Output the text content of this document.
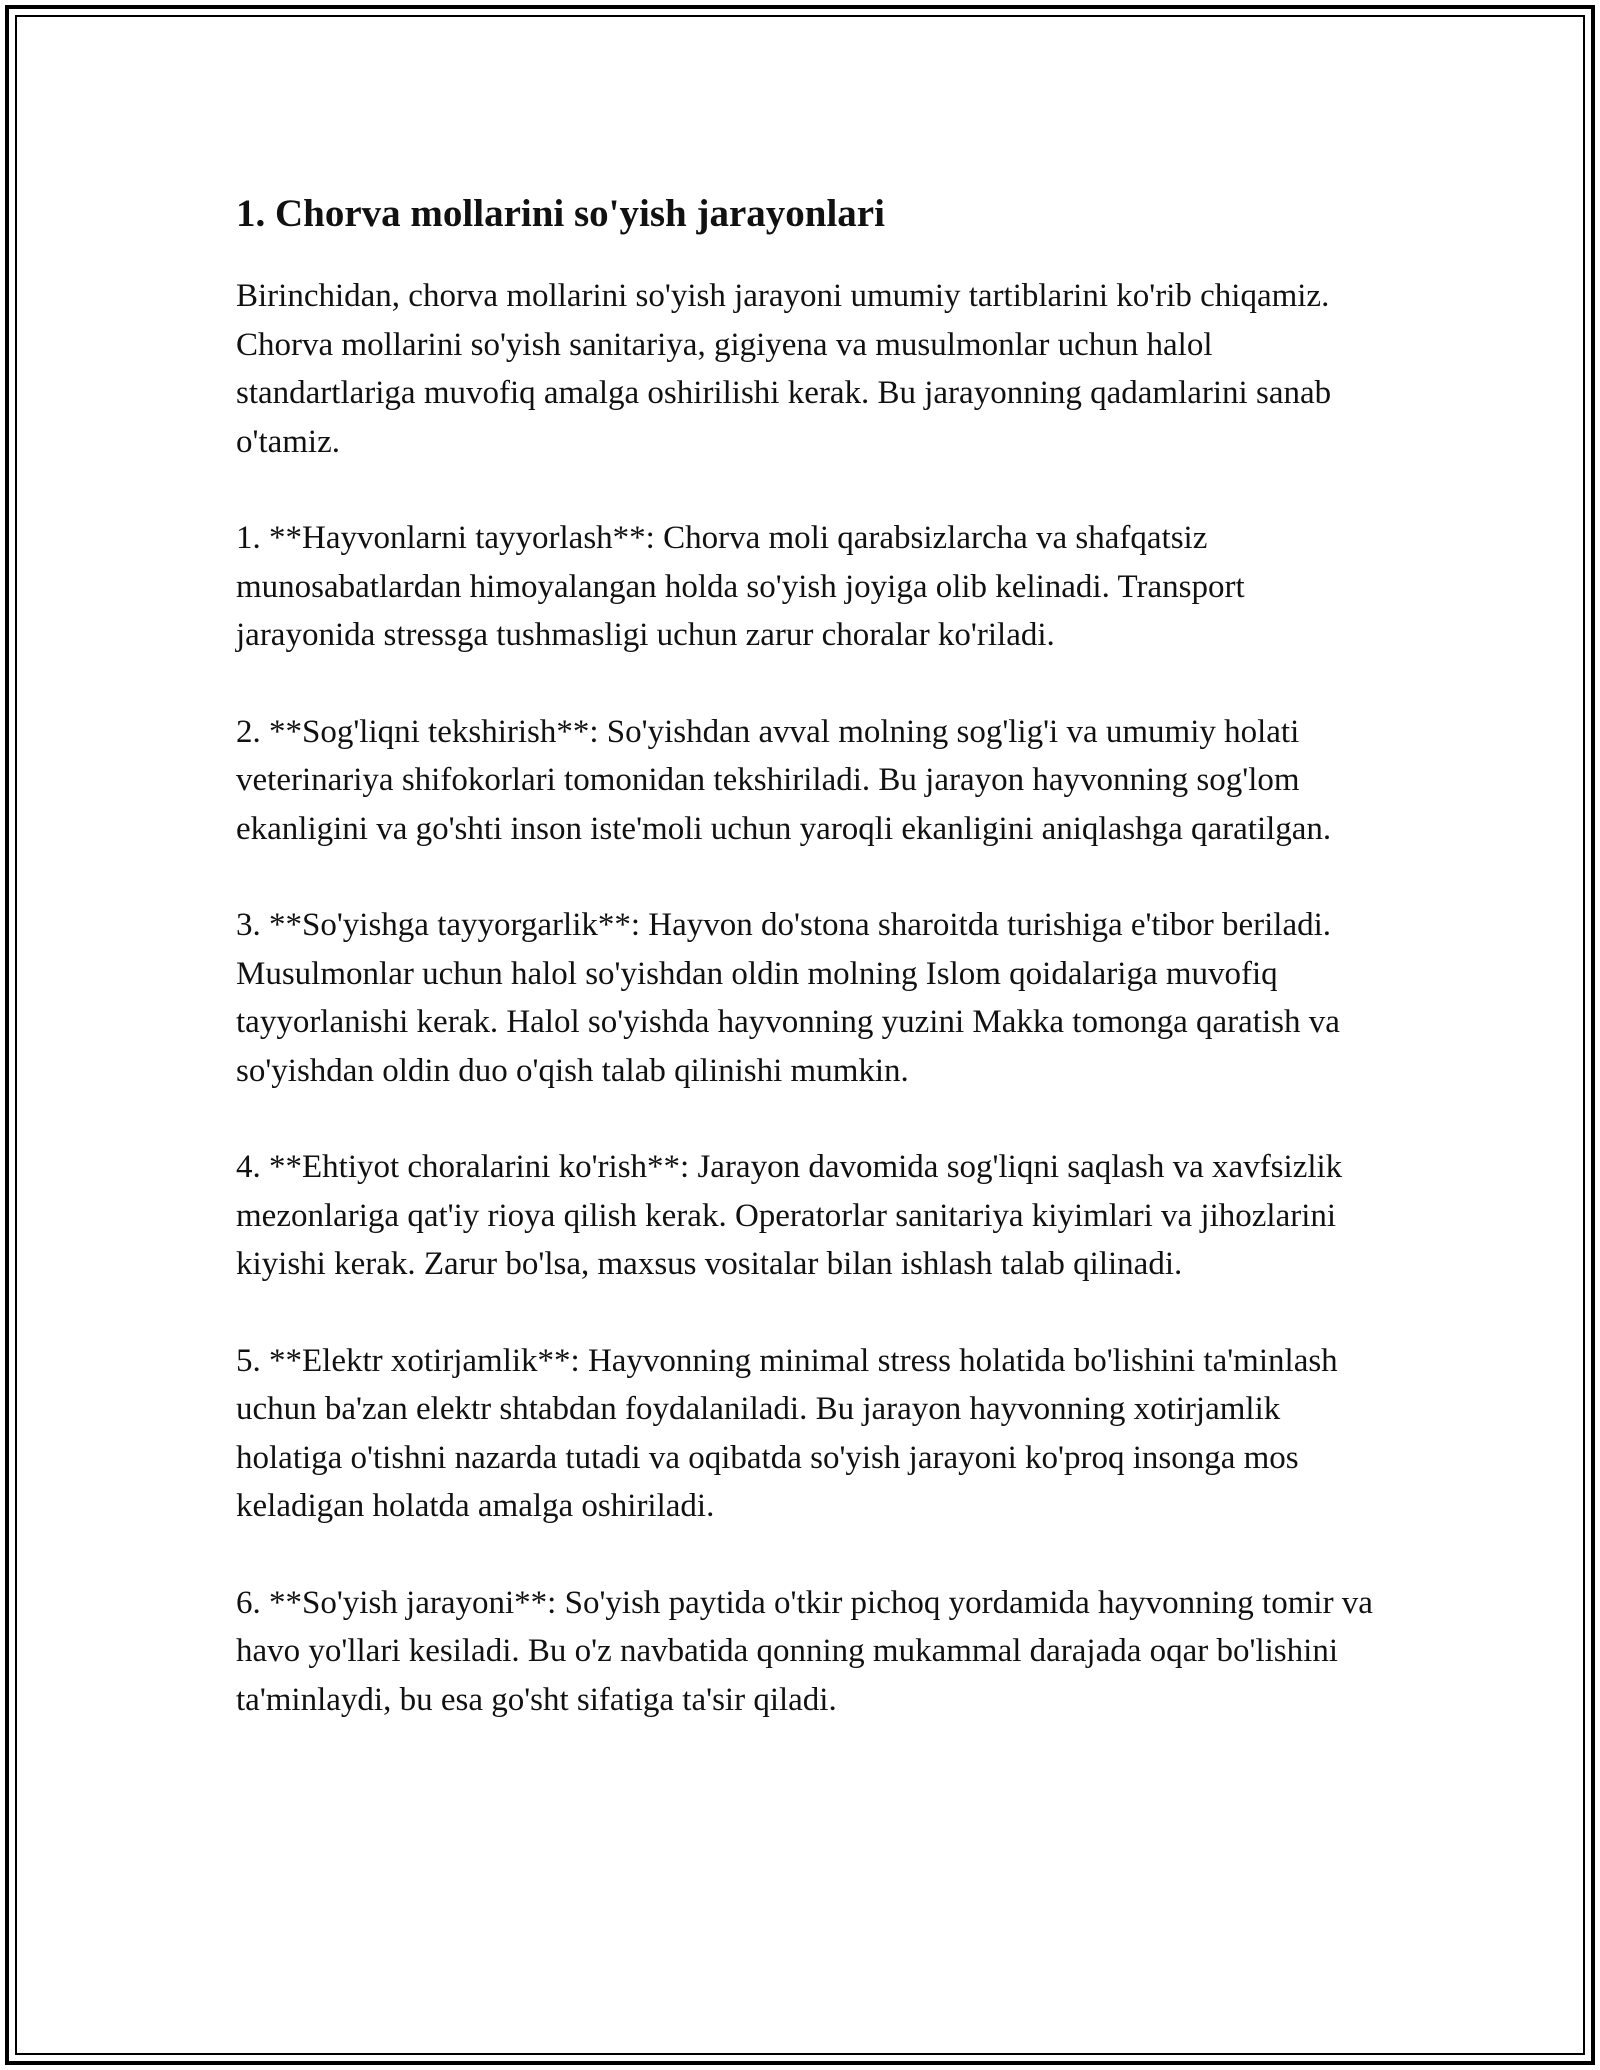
1. Chorva mollarini so'yish jarayonlari

Birinchidan, chorva mollarini so'yish jarayoni umumiy tartiblarini ko'rib chiqamiz. Chorva mollarini so'yish sanitariya, gigiyena va musulmonlar uchun halol standartlariga muvofiq amalga oshirilishi kerak. Bu jarayonning qadamlarini sanab o'tamiz.

1. **Hayvonlarni tayyorlash**: Chorva moli qarabsizlarcha va shafqatsiz munosabatlardan himoyalangan holda so'yish joyiga olib kelinadi. Transport jarayonida stressga tushmasligi uchun zarur choralar ko'riladi.

2. **Sog'liqni tekshirish**: So'yishdan avval molning sog'lig'i va umumiy holati veterinariya shifokorlari tomonidan tekshiriladi. Bu jarayon hayvonning sog'lom ekanligini va go'shti inson iste'moli uchun yaroqli ekanligini aniqlashga qaratilgan.

3. **So'yishga tayyorgarlik**: Hayvon do'stona sharoitda turishiga e'tibor beriladi. Musulmonlar uchun halol so'yishdan oldin molning Islom qoidalariga muvofiq tayyorlanishi kerak. Halol so'yishda hayvonning yuzini Makka tomonga qaratish va so'yishdan oldin duo o'qish talab qilinishi mumkin.

4. **Ehtiyot choralarini ko'rish**: Jarayon davomida sog'liqni saqlash va xavfsizlik mezonlariga qat'iy rioya qilish kerak. Operatorlar sanitariya kiyimlari va jihozlarini kiyishi kerak. Zarur bo'lsa, maxsus vositalar bilan ishlash talab qilinadi.

5. **Elektr xotirjamlik**: Hayvonning minimal stress holatida bo'lishini ta'minlash uchun ba'zan elektr shtabdan foydalaniladi. Bu jarayon hayvonning xotirjamlik holatiga o'tishni nazarda tutadi va oqibatda so'yish jarayoni ko'proq insonga mos keladigan holatda amalga oshiriladi.

6. **So'yish jarayoni**: So'yish paytida o'tkir pichoq yordamida hayvonning tomir va havo yo'llari kesiladi. Bu o'z navbatida qonning mukammal darajada oqar bo'lishini ta'minlaydi, bu esa go'sht sifatiga ta'sir qiladi.
